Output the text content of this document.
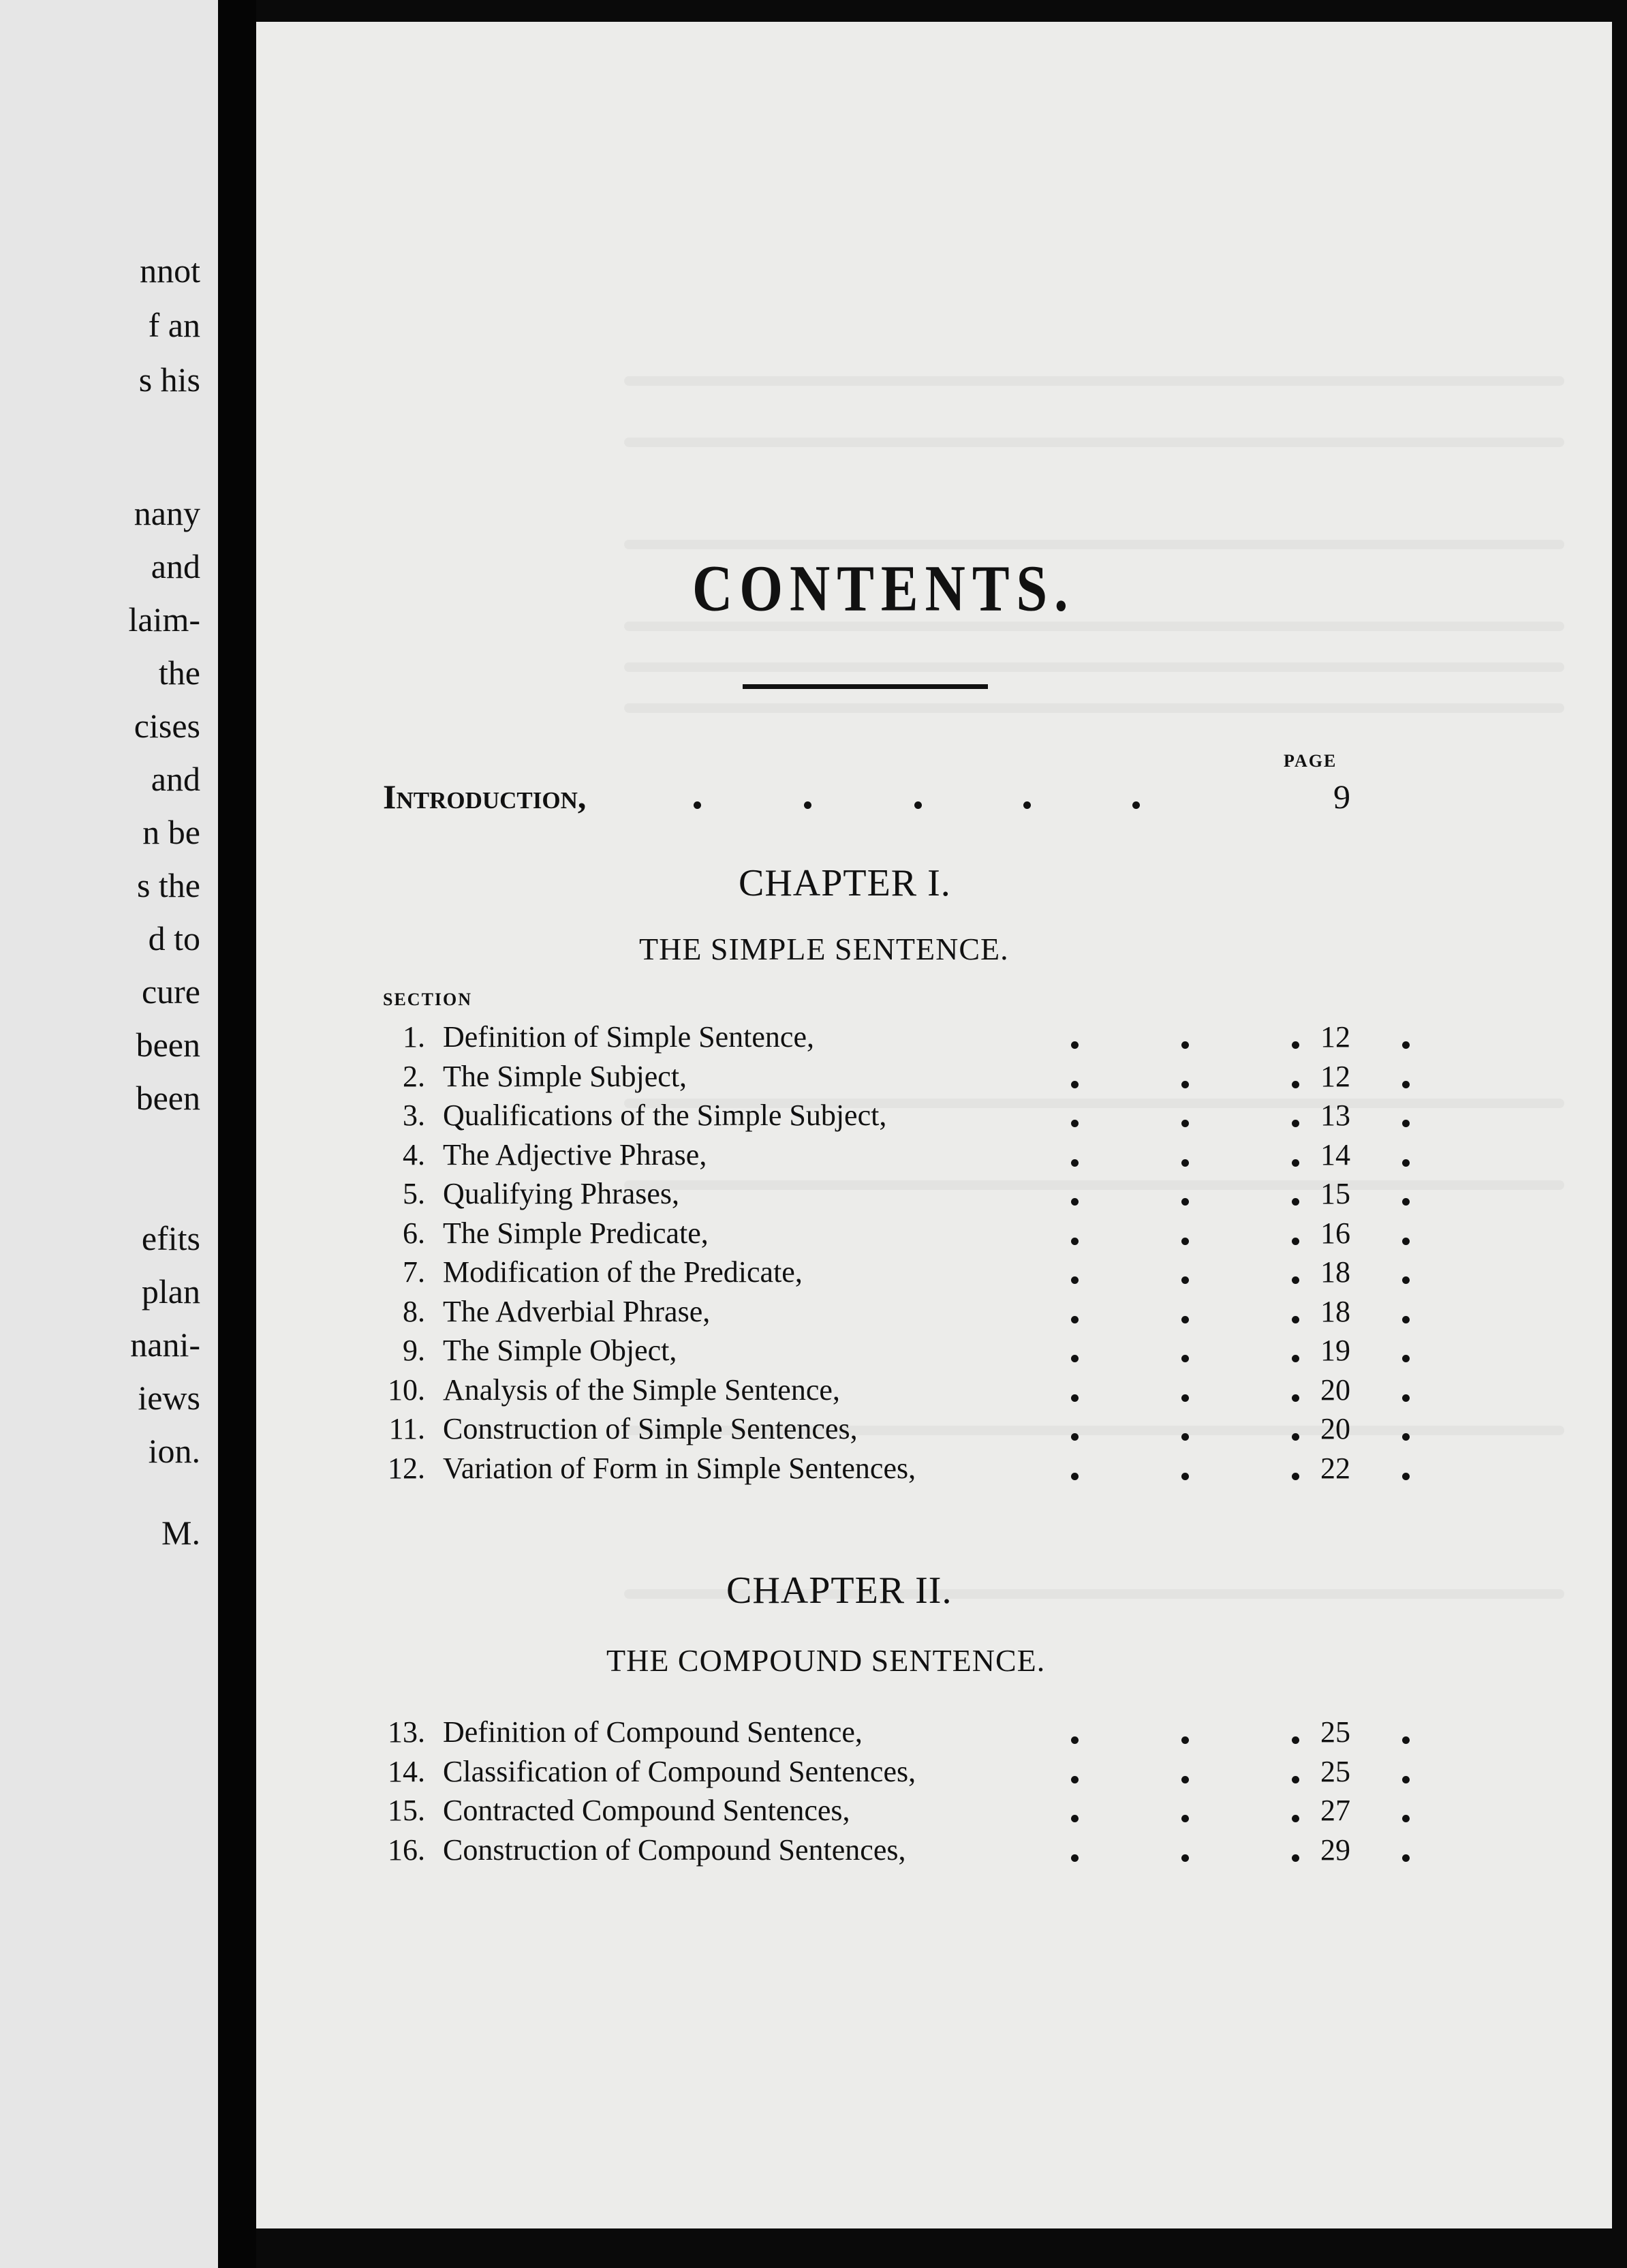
nnot
f an
s his
nany
and
laim-
the
cises
and
n be
s the
d to
cure
been
been
efits
plan
nani-
iews
ion.
M.
CONTENTS.
PAGE
Introduction,	9
CHAPTER I.
THE SIMPLE SENTENCE.
SECTION
1. Definition of Simple Sentence,	12
2. The Simple Subject,	12
3. Qualifications of the Simple Subject,	13
4. The Adjective Phrase,	14
5. Qualifying Phrases,	15
6. The Simple Predicate,	16
7. Modification of the Predicate,	18
8. The Adverbial Phrase,	18
9. The Simple Object,	19
10. Analysis of the Simple Sentence,	20
11. Construction of Simple Sentences,	20
12. Variation of Form in Simple Sentences,	22
CHAPTER II.
THE COMPOUND SENTENCE.
13. Definition of Compound Sentence,	25
14. Classification of Compound Sentences,	25
15. Contracted Compound Sentences,	27
16. Construction of Compound Sentences,	29
